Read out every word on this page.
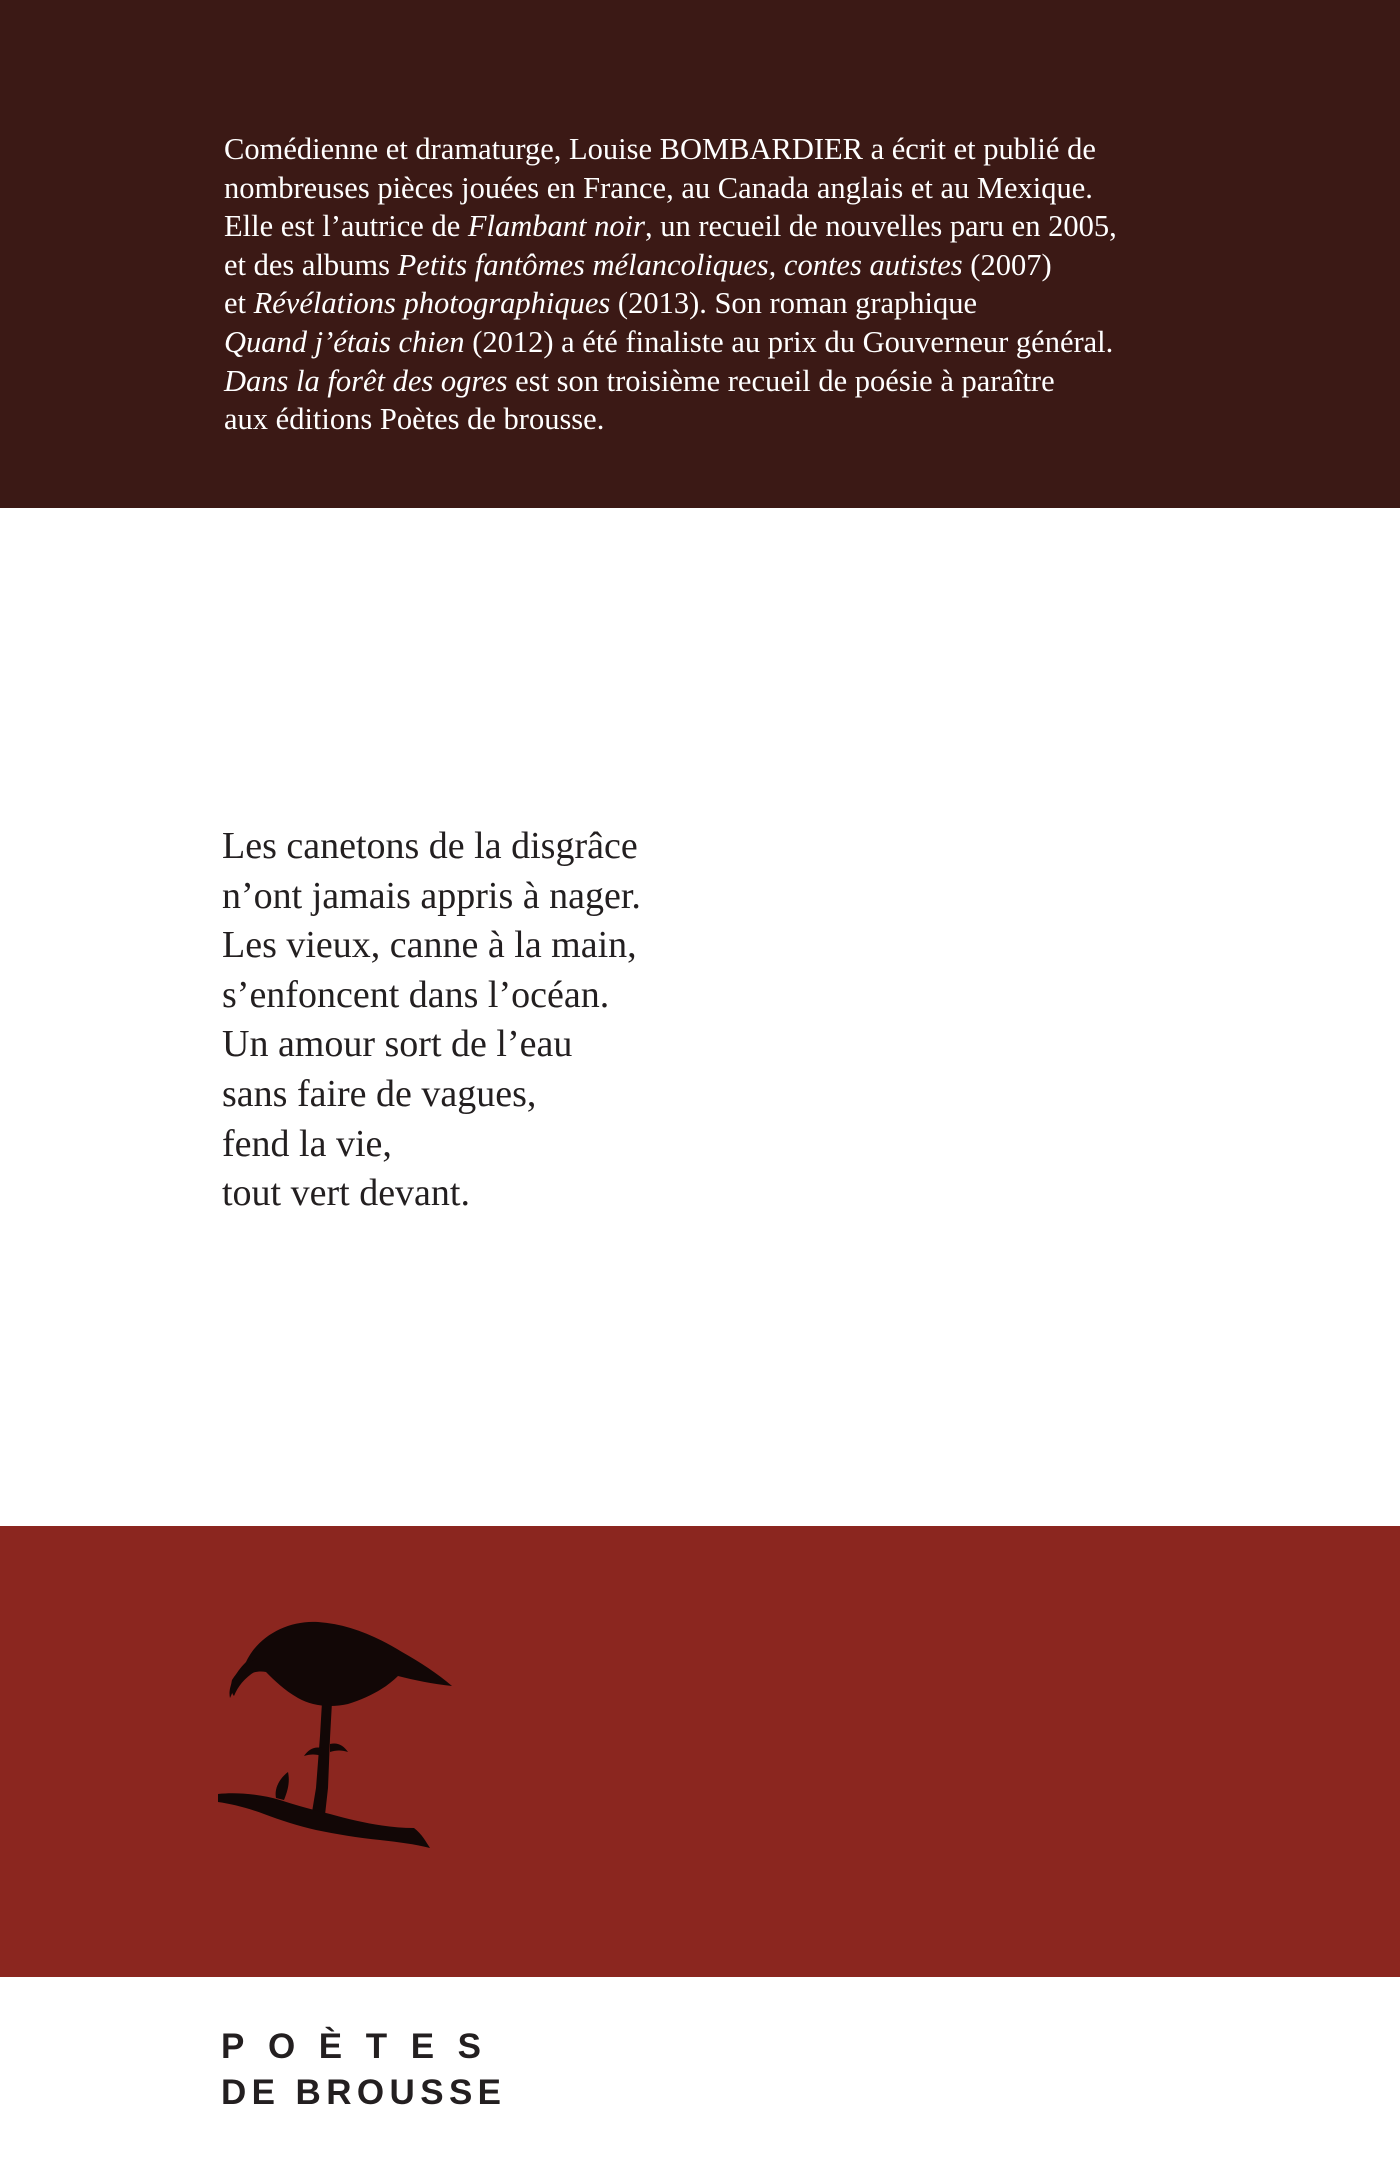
Comédienne et dramaturge, Louise BOMBARDIER a écrit et publié de
nombreuses pièces jouées en France, au Canada anglais et au Mexique.
Elle est l’autrice de Flambant noir, un recueil de nouvelles paru en 2005,
et des albums Petits fantômes mélancoliques, contes autistes (2007)
et Révélations photographiques (2013). Son roman graphique
Quand j’étais chien (2012) a été finaliste au prix du Gouverneur général.
Dans la forêt des ogres est son troisième recueil de poésie à paraître
aux éditions Poètes de brousse.
Les canetons de la disgrâce
n’ont jamais appris à nager.
Les vieux, canne à la main,
s’enfoncent dans l’océan.
Un amour sort de l’eau
sans faire de vagues,
fend la vie,
tout vert devant.
POÈTES
DE BROUSSE
